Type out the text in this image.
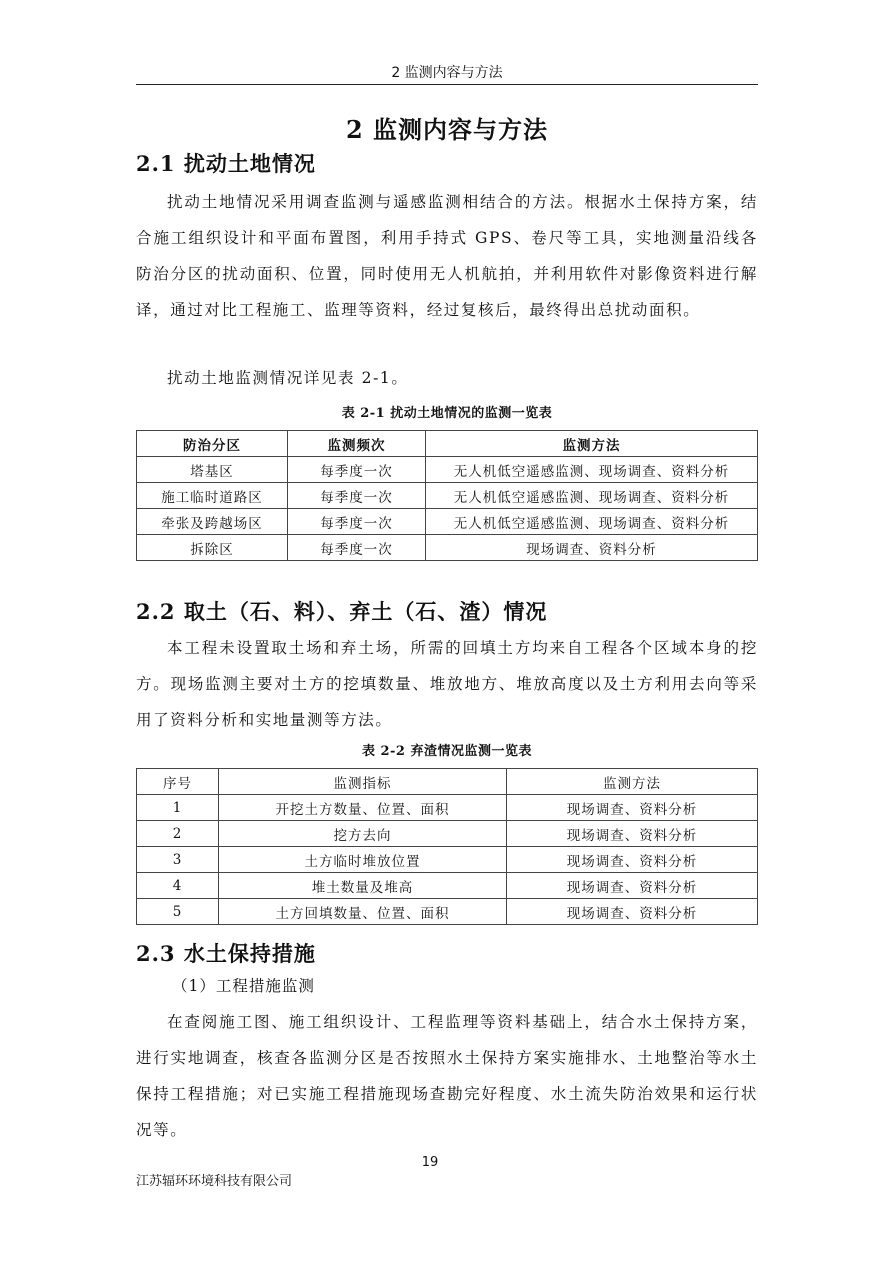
2 监测内容与方法
2 监测内容与方法
2.1 扰动土地情况
扰动土地情况采用调查监测与遥感监测相结合的方法。根据水土保持方案，结合施工组织设计和平面布置图，利用手持式 GPS、卷尺等工具，实地测量沿线各防治分区的扰动面积、位置，同时使用无人机航拍，并利用软件对影像资料进行解译，通过对比工程施工、监理等资料，经过复核后，最终得出总扰动面积。
扰动土地监测情况详见表 2-1。
表 2-1 扰动土地情况的监测一览表
防治分区	监测频次	监测方法
塔基区	每季度一次	无人机低空遥感监测、现场调查、资料分析
施工临时道路区	每季度一次	无人机低空遥感监测、现场调查、资料分析
牵张及跨越场区	每季度一次	无人机低空遥感监测、现场调查、资料分析
拆除区	每季度一次	现场调查、资料分析
2.2 取土（石、料）、弃土（石、渣）情况
本工程未设置取土场和弃土场，所需的回填土方均来自工程各个区域本身的挖方。现场监测主要对土方的挖填数量、堆放地方、堆放高度以及土方利用去向等采用了资料分析和实地量测等方法。
表 2-2 弃渣情况监测一览表
序号	监测指标	监测方法
1	开挖土方数量、位置、面积	现场调查、资料分析
2	挖方去向	现场调查、资料分析
3	土方临时堆放位置	现场调查、资料分析
4	堆土数量及堆高	现场调查、资料分析
5	土方回填数量、位置、面积	现场调查、资料分析
2.3 水土保持措施
（1）工程措施监测
在查阅施工图、施工组织设计、工程监理等资料基础上，结合水土保持方案，进行实地调查，核查各监测分区是否按照水土保持方案实施排水、土地整治等水土保持工程措施；对已实施工程措施现场查勘完好程度、水土流失防治效果和运行状况等。
19
江苏辐环环境科技有限公司
